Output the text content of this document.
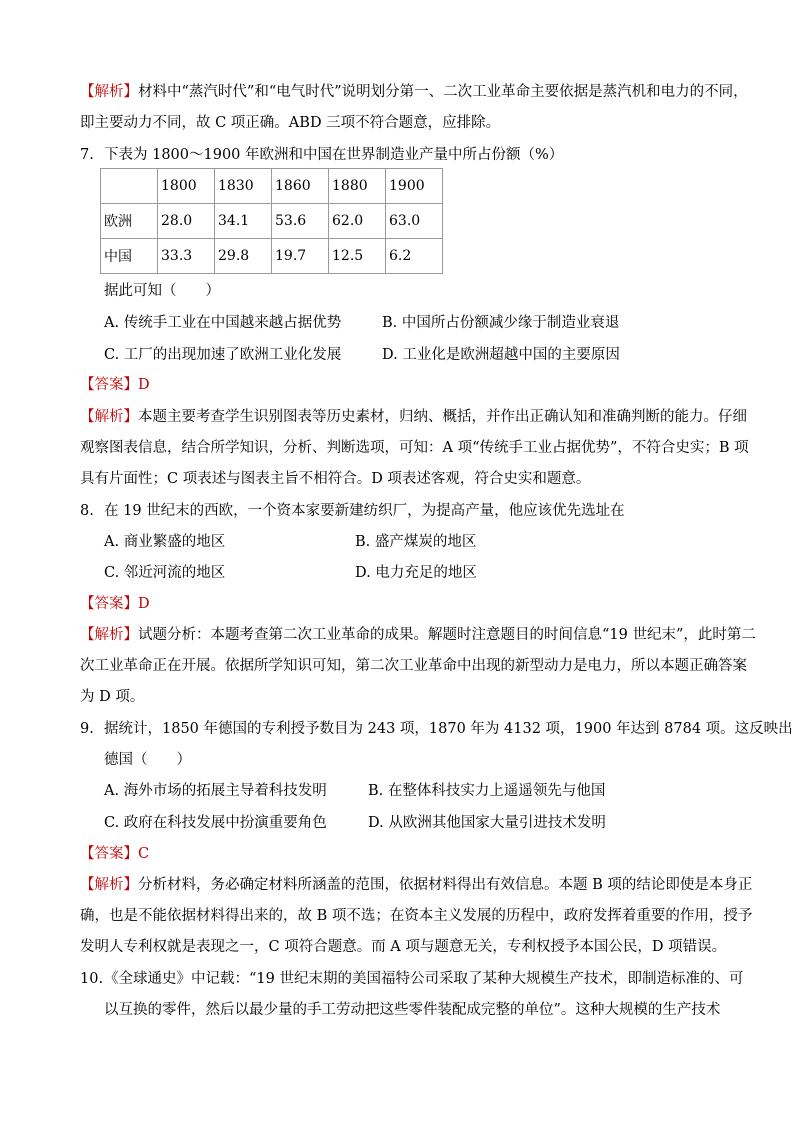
【解析】材料中“蒸汽时代”和“电气时代”说明划分第一、二次工业革命主要依据是蒸汽机和电力的不同，
即主要动力不同，故 C 项正确。ABD 三项不符合题意，应排除。
7. 下表为 1800～1900 年欧洲和中国在世界制造业产量中所占份额（%）
	1800	1830	1860	1880	1900
欧洲	28.0	34.1	53.6	62.0	63.0
中国	33.3	29.8	19.7	12.5	6.2
据此可知（　　）
A. 传统手工业在中国越来越占据优势	B. 中国所占份额减少缘于制造业衰退
C. 工厂的出现加速了欧洲工业化发展	D. 工业化是欧洲超越中国的主要原因
【答案】D
【解析】本题主要考查学生识别图表等历史素材，归纳、概括，并作出正确认知和准确判断的能力。仔细
观察图表信息，结合所学知识，分析、判断选项，可知：A 项“传统手工业占据优势”，不符合史实；B 项
具有片面性；C 项表述与图表主旨不相符合。D 项表述客观，符合史实和题意。
8. 在 19 世纪末的西欧，一个资本家要新建纺织厂，为提高产量，他应该优先选址在
A. 商业繁盛的地区	B. 盛产煤炭的地区
C. 邻近河流的地区	D. 电力充足的地区
【答案】D
【解析】试题分析：本题考查第二次工业革命的成果。解题时注意题目的时间信息“19 世纪末”，此时第二
次工业革命正在开展。依据所学知识可知，第二次工业革命中出现的新型动力是电力，所以本题正确答案
为 D 项。
9. 据统计，1850 年德国的专利授予数目为 243 项，1870 年为 4132 项，1900 年达到 8784 项。这反映出
德国（　　）
A. 海外市场的拓展主导着科技发明	B. 在整体科技实力上遥遥领先与他国
C. 政府在科技发展中扮演重要角色	D. 从欧洲其他国家大量引进技术发明
【答案】C
【解析】分析材料，务必确定材料所涵盖的范围，依据材料得出有效信息。本题 B 项的结论即使是本身正
确，也是不能依据材料得出来的，故 B 项不选；在资本主义发展的历程中，政府发挥着重要的作用，授予
发明人专利权就是表现之一，C 项符合题意。而 A 项与题意无关，专利权授予本国公民，D 项错误。
10.《全球通史》中记载：“19 世纪末期的美国福特公司采取了某种大规模生产技术，即制造标准的、可
以互换的零件，然后以最少量的手工劳动把这些零件装配成完整的单位”。这种大规模的生产技术
